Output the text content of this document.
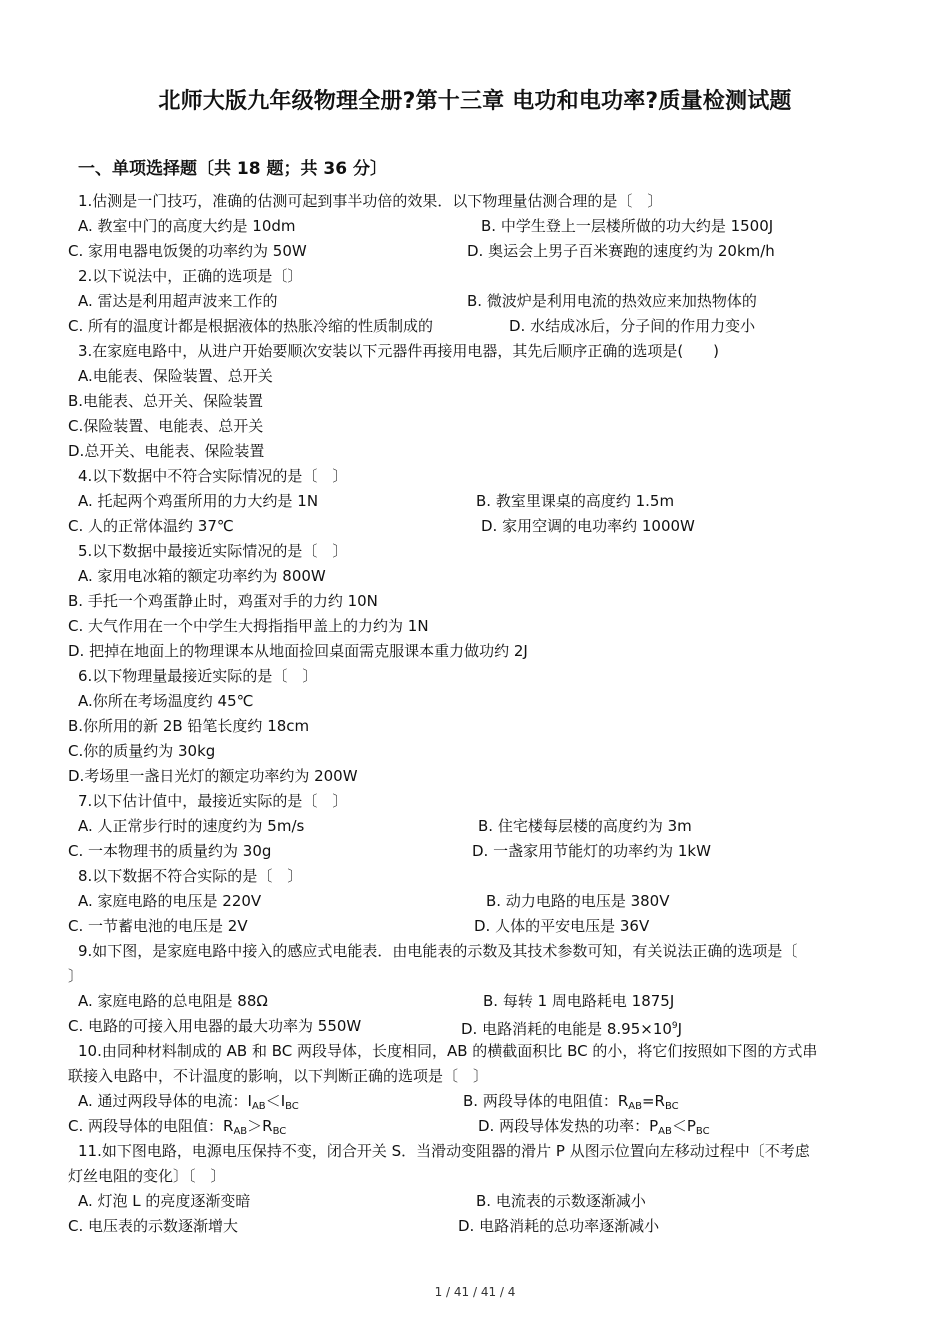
北师大版九年级物理全册?第十三章 电功和电功率?质量检测试题
一、单项选择题〔共 18 题；共 36 分〕
1.估测是一门技巧，准确的估测可起到事半功倍的效果．以下物理量估测合理的是〔　〕
A. 教室中门的高度大约是 10dm	B. 中学生登上一层楼所做的功大约是 1500J
C. 家用电器电饭煲的功率约为 50W	D. 奥运会上男子百米赛跑的速度约为 20km/h
2.以下说法中，正确的选项是〔〕
A. 雷达是利用超声波来工作的	B. 微波炉是利用电流的热效应来加热物体的
C. 所有的温度计都是根据液体的热胀冷缩的性质制成的	D. 水结成冰后，分子间的作用力变小
3.在家庭电路中，从进户开始要顺次安装以下元器件再接用电器，其先后顺序正确的选项是(　　)
A.电能表、保险装置、总开关
B.电能表、总开关、保险装置
C.保险装置、电能表、总开关
D.总开关、电能表、保险装置
4.以下数据中不符合实际情况的是〔　〕
A. 托起两个鸡蛋所用的力大约是 1N	B. 教室里课桌的高度约 1.5m
C. 人的正常体温约 37℃	D. 家用空调的电功率约 1000W
5.以下数据中最接近实际情况的是〔　〕
A. 家用电冰箱的额定功率约为 800W
B. 手托一个鸡蛋静止时，鸡蛋对手的力约 10N
C. 大气作用在一个中学生大拇指指甲盖上的力约为 1N
D. 把掉在地面上的物理课本从地面捡回桌面需克服课本重力做功约 2J
6.以下物理量最接近实际的是〔　〕
A.你所在考场温度约 45℃
B.你所用的新 2B 铅笔长度约 18cm
C.你的质量约为 30kg
D.考场里一盏日光灯的额定功率约为 200W
7.以下估计值中，最接近实际的是〔　〕
A. 人正常步行时的速度约为 5m/s	B. 住宅楼每层楼的高度约为 3m
C. 一本物理书的质量约为 30g	D. 一盏家用节能灯的功率约为 1kW
8.以下数据不符合实际的是〔　〕
A. 家庭电路的电压是 220V	B. 动力电路的电压是 380V
C. 一节蓄电池的电压是 2V	D. 人体的平安电压是 36V
9.如下图，是家庭电路中接入的感应式电能表．由电能表的示数及其技术参数可知，有关说法正确的选项是〔
〕
A. 家庭电路的总电阻是 88Ω	B. 每转 1 周电路耗电 1875J
C. 电路的可接入用电器的最大功率为 550W	D. 电路消耗的电能是 $8.95\times 10^9J$
10.由同种材料制成的 AB 和 BC 两段导体，长度相同，AB 的横截面积比 BC 的小，将它们按照如下图的方式串
联接入电路中，不计温度的影响，以下判断正确的选项是〔　〕
A. 通过两段导体的电流：$I_{AB}<I_{BC}$	B. 两段导体的电阻值：$R_{AB}=R_{BC}$
C. 两段导体的电阻值：$R_{AB}>R_{BC}$	D. 两段导体发热的功率：$P_{AB}<P_{BC}$
11.如下图电路，电源电压保持不变，闭合开关 S．当滑动变阻器的滑片 P 从图示位置向左移动过程中〔不考虑
灯丝电阻的变化〕〔　〕
A. 灯泡 L 的亮度逐渐变暗	B. 电流表的示数逐渐减小
C. 电压表的示数逐渐增大	D. 电路消耗的总功率逐渐减小
1 / 41 / 41 / 4
